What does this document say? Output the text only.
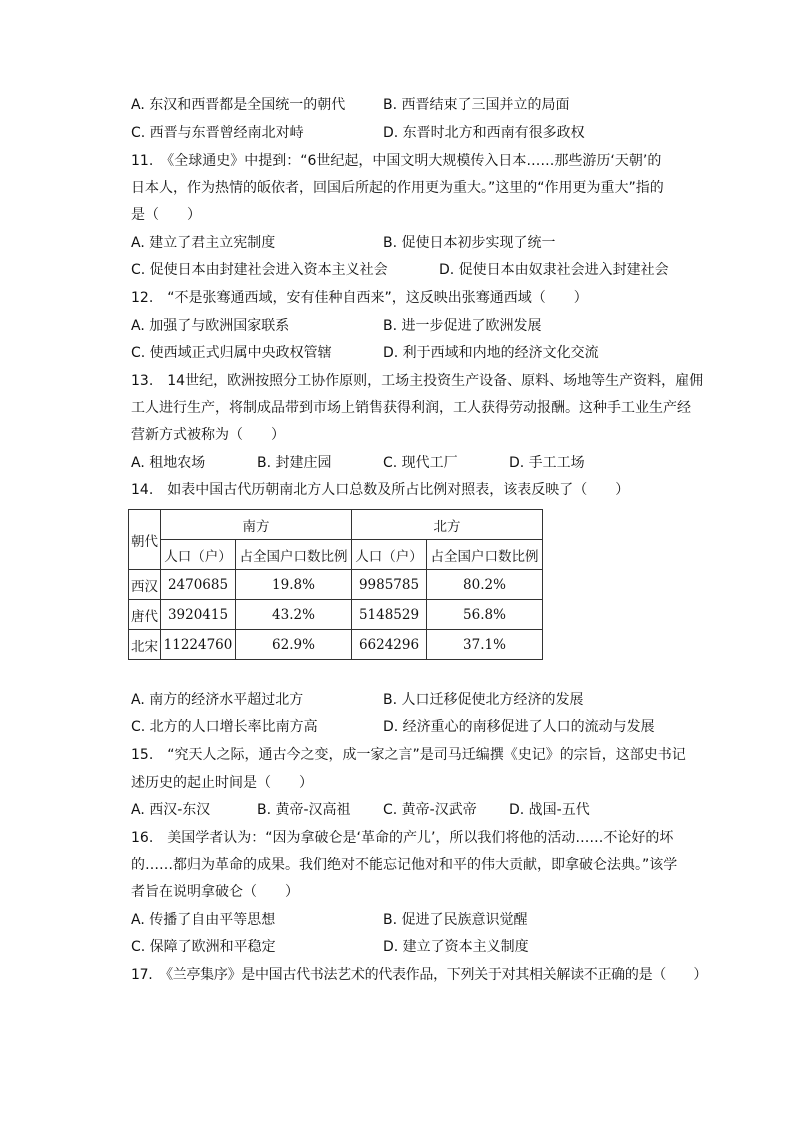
A. 东汉和西晋都是全国统一的朝代	B. 西晋结束了三国并立的局面
C. 西晋与东晋曾经南北对峙	D. 东晋时北方和西南有很多政权
11.　《全球通史》中提到：“6世纪起，中国文明大规模传入日本……那些游历‘天朝’的
日本人，作为热情的皈依者，回国后所起的作用更为重大。”这里的“作用更为重大”指的
是（　　）
A. 建立了君主立宪制度	B. 促使日本初步实现了统一
C. 促使日本由封建社会进入资本主义社会	D. 促使日本由奴隶社会进入封建社会
12.　“不是张骞通西域，安有佳种自西来”，这反映出张骞通西域（　　）
A. 加强了与欧洲国家联系	B. 进一步促进了欧洲发展
C. 使西域正式归属中央政权管辖	D. 利于西域和内地的经济文化交流
13.　14世纪，欧洲按照分工协作原则，工场主投资生产设备、原料、场地等生产资料，雇佣
工人进行生产，将制成品带到市场上销售获得利润，工人获得劳动报酬。这种手工业生产经
营新方式被称为（　　）
A. 租地农场	B. 封建庄园	C. 现代工厂	D. 手工工场
14.　如表中国古代历朝南北方人口总数及所占比例对照表，该表反映了（　　）
朝代	南方		北方	
	人口（户）	占全国户口数比例	人口（户）	占全国户口数比例
西汉	2470685	19.8%	9985785	80.2%
唐代	3920415	43.2%	5148529	56.8%
北宋	11224760	62.9%	6624296	37.1%
A. 南方的经济水平超过北方	B. 人口迁移促使北方经济的发展
C. 北方的人口增长率比南方高	D. 经济重心的南移促进了人口的流动与发展
15.　“究天人之际，通古今之变，成一家之言”是司马迁编撰《史记》的宗旨，这部史书记
述历史的起止时间是（　　）
A. 西汉-东汉	B. 黄帝-汉高祖 C. 黄帝-汉武帝 D. 战国-五代
16.　美国学者认为：“因为拿破仑是‘革命的产儿’，所以我们将他的活动……不论好的坏
的……都归为革命的成果。我们绝对不能忘记他对和平的伟大贡献，即拿破仑法典。”该学
者旨在说明拿破仑（　　）
A. 传播了自由平等思想	B. 促进了民族意识觉醒
C. 保障了欧洲和平稳定	D. 建立了资本主义制度
17.　《兰亭集序》是中国古代书法艺术的代表作品，下列关于对其相关解读不正确的是（　　）
